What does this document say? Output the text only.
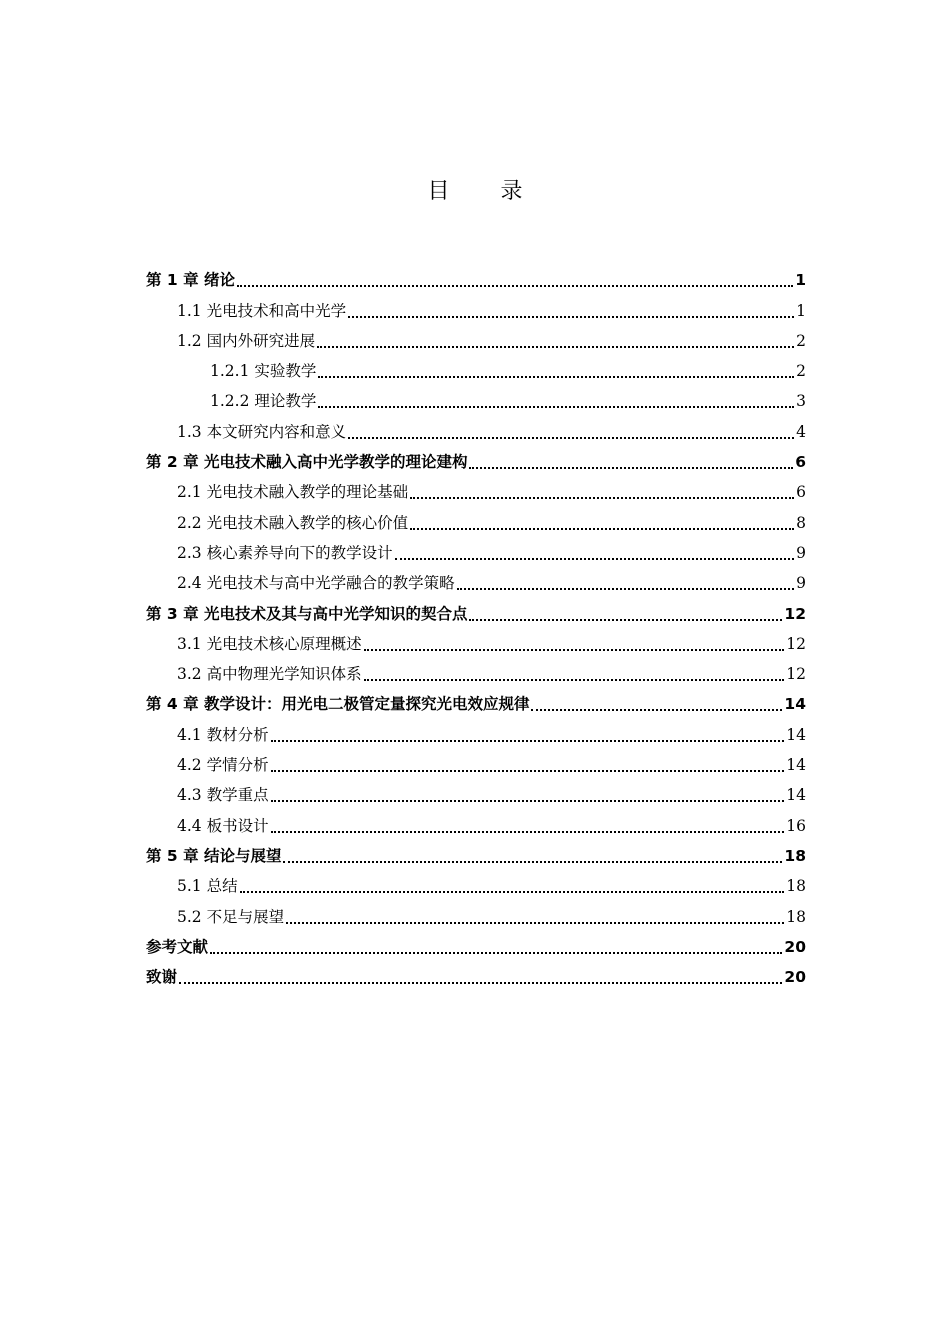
目 录
第 1 章 绪论	1
1.1 光电技术和高中光学	1
1.2 国内外研究进展	2
1.2.1 实验教学	2
1.2.2 理论教学	3
1.3 本文研究内容和意义	4
第 2 章 光电技术融入高中光学教学的理论建构	6
2.1 光电技术融入教学的理论基础	6
2.2 光电技术融入教学的核心价值	8
2.3 核心素养导向下的教学设计	9
2.4 光电技术与高中光学融合的教学策略	9
第 3 章 光电技术及其与高中光学知识的契合点	12
3.1 光电技术核心原理概述	12
3.2 高中物理光学知识体系	12
第 4 章 教学设计：用光电二极管定量探究光电效应规律	14
4.1 教材分析	14
4.2 学情分析	14
4.3 教学重点	14
4.4 板书设计	16
第 5 章 结论与展望	18
5.1 总结	18
5.2 不足与展望	18
参考文献	20
致谢	20
